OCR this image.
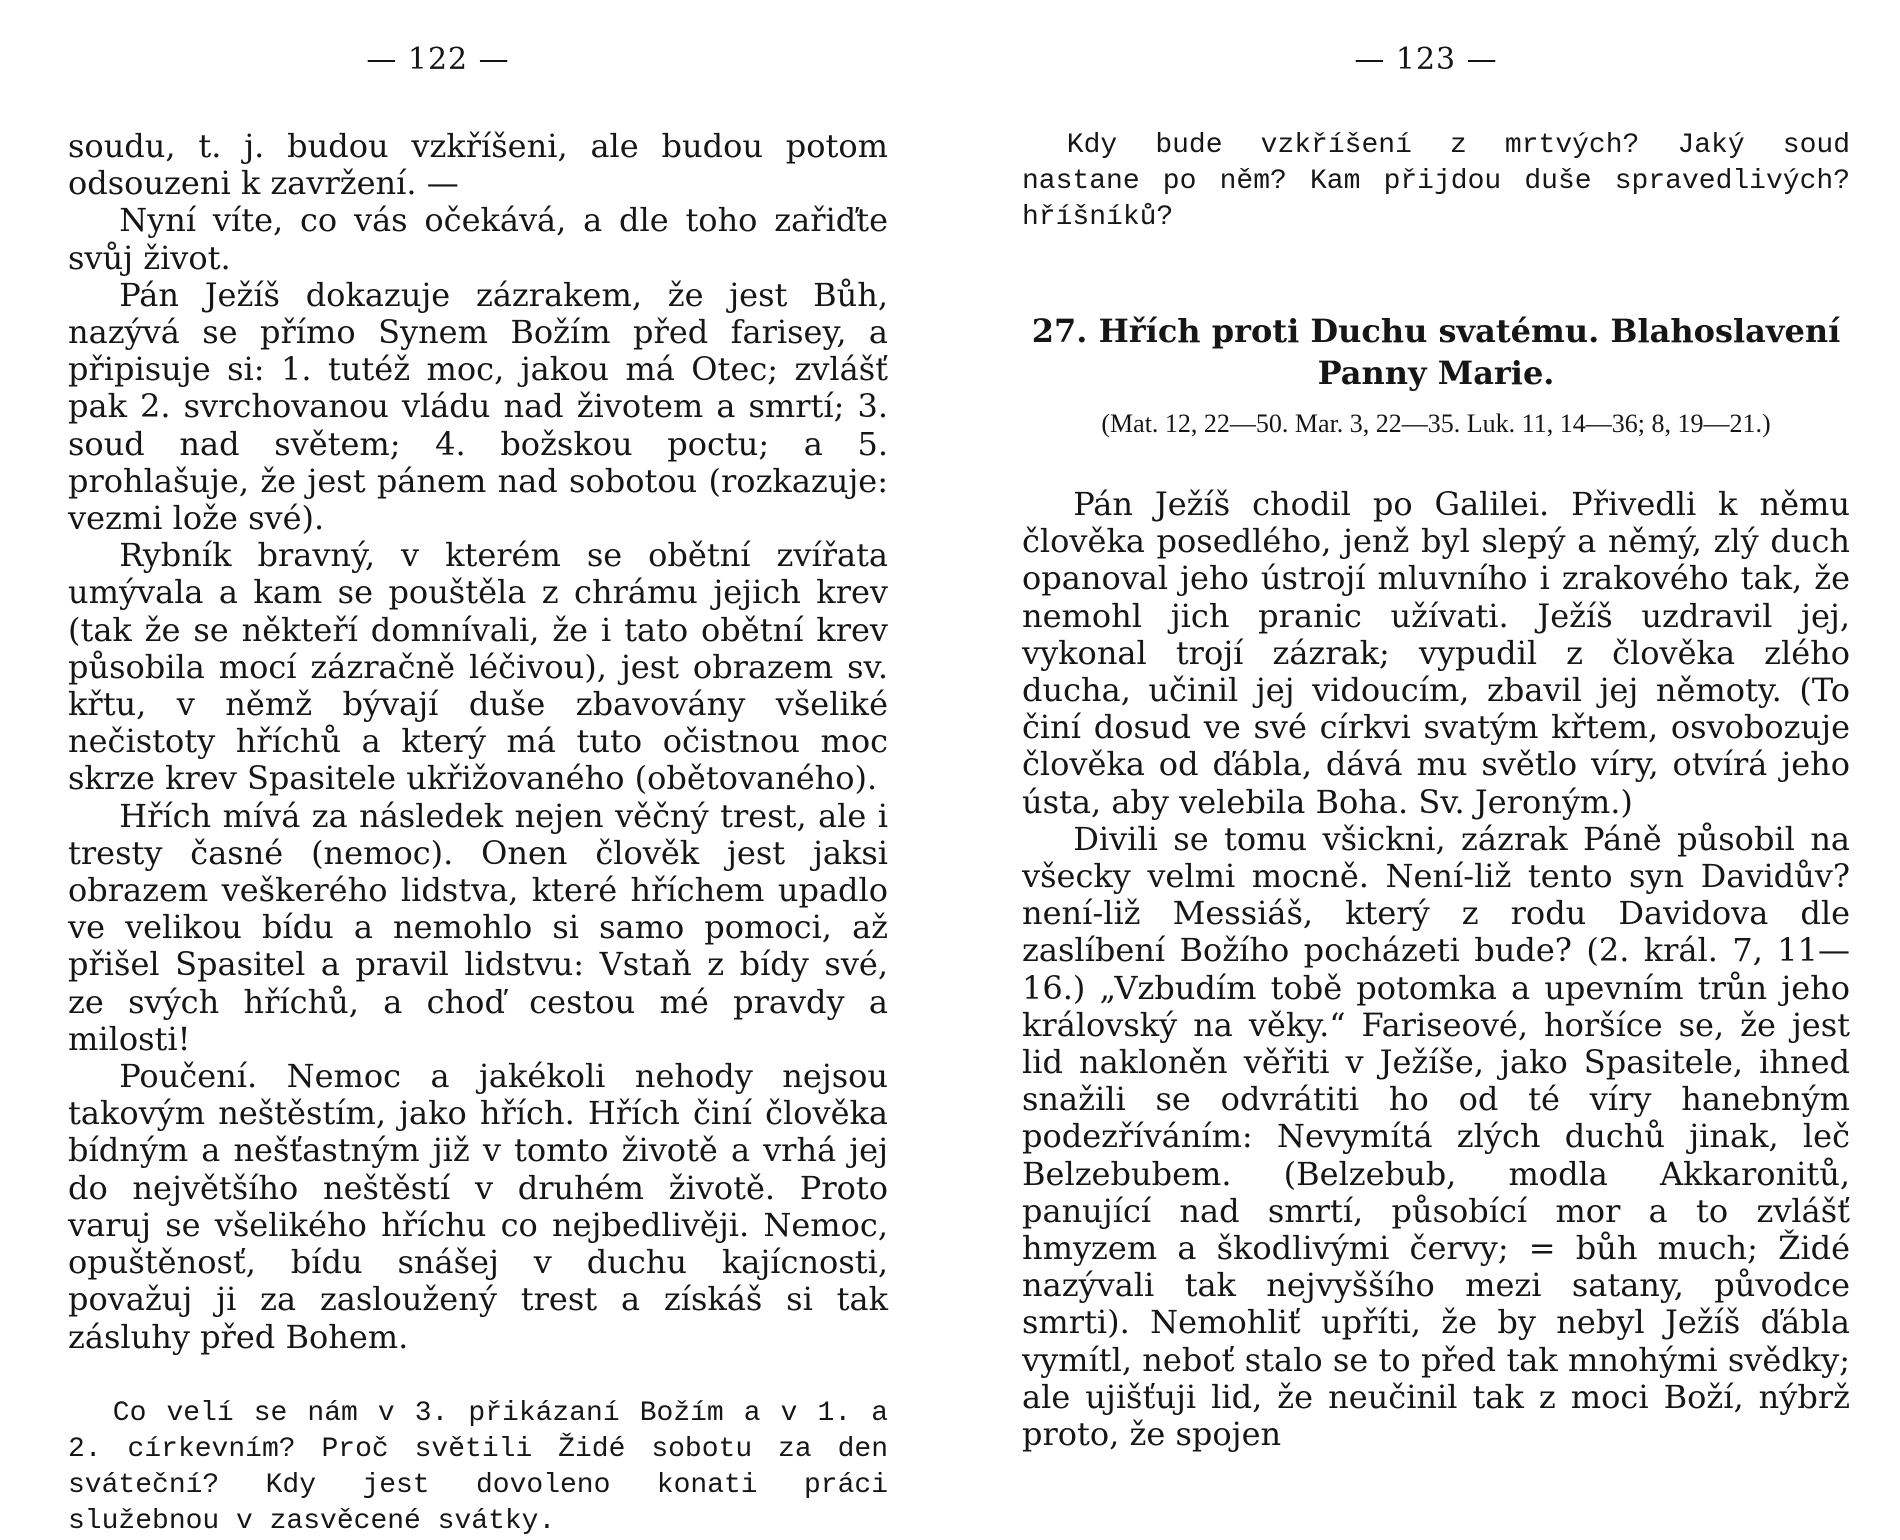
— 122 —

soudu, t. j. budou vzkříšeni, ale budou potom odsouzeni k zavržení. —

Nyní víte, co vás očekává, a dle toho zařiďte svůj život.

Pán Ježíš dokazuje zázrakem, že jest Bůh, nazývá se přímo Synem Božím před farisey, a připisuje si: 1. tutéž moc, jakou má Otec; zvlášť pak 2. svrchovanou vládu nad životem a smrtí; 3. soud nad světem; 4. božskou poctu; a 5. prohlašuje, že jest pánem nad sobotou (rozkazuje: vezmi lože své).

Rybník bravný, v kterém se obětní zvířata umývala a kam se pouštěla z chrámu jejich krev (tak že se někteří domnívali, že i tato obětní krev působila mocí zázračně léčivou), jest obrazem sv. křtu, v němž bývají duše zbavovány všeliké nečistoty hříchů a který má tuto očistnou moc skrze krev Spasitele ukřižovaného (obětovaného).

Hřích mívá za následek nejen věčný trest, ale i tresty časné (nemoc). Onen člověk jest jaksi obrazem veškerého lidstva, které hříchem upadlo ve velikou bídu a nemohlo si samo pomoci, až přišel Spasitel a pravil lidstvu: Vstaň z bídy své, ze svých hříchů, a choď cestou mé pravdy a milosti!

Poučení. Nemoc a jakékoli nehody nejsou takovým neštěstím, jako hřích. Hřích činí člověka bídným a nešťastným již v tomto životě a vrhá jej do největšího neštěstí v druhém životě. Proto varuj se všelikého hříchu co nejbedlivěji. Nemoc, opuštěnosť, bídu snášej v duchu kajícnosti, považuj ji za zasloužený trest a získáš si tak zásluhy před Bohem.

Co velí se nám v 3. přikázaní Božím a v 1. a 2. církevním? Proč světili Židé sobotu za den sváteční? Kdy jest dovoleno konati práci služebnou v zasvěcené svátky.

— 123 —

Kdy bude vzkříšení z mrtvých? Jaký soud nastane po něm? Kam přijdou duše spravedlivých? hříšníků?

27. Hřích proti Duchu svatému. Blahoslavení Panny Marie.
(Mat. 12, 22—50. Mar. 3, 22—35. Luk. 11, 14—36; 8, 19—21.)

Pán Ježíš chodil po Galilei. Přivedli k němu člověka posedlého, jenž byl slepý a němý, zlý duch opanoval jeho ústrojí mluvního i zrakového tak, že nemohl jich pranic užívati. Ježíš uzdravil jej, vykonal trojí zázrak; vypudil z člověka zlého ducha, učinil jej vidoucím, zbavil jej němoty. (To činí dosud ve své církvi svatým křtem, osvobozuje člověka od ďábla, dává mu světlo víry, otvírá jeho ústa, aby velebila Boha. Sv. Jeroným.)

Divili se tomu všickni, zázrak Páně působil na všecky velmi mocně. Není-liž tento syn Davidův? není-liž Messiáš, který z rodu Davidova dle zaslíbení Božího pocházeti bude? (2. král. 7, 11—16.) „Vzbudím tobě potomka a upevním trůn jeho královský na věky.“ Fariseové, horšíce se, že jest lid nakloněn věřiti v Ježíše, jako Spasitele, ihned snažili se odvrátiti ho od té víry hanebným podezříváním: Nevymítá zlých duchů jinak, leč Belzebubem. (Belzebub, modla Akkaronitů, panující nad smrtí, působící mor a to zvlášť hmyzem a škodlivými červy; = bůh much; Židé nazývali tak nejvyššího mezi satany, původce smrti). Nemohliť upříti, že by nebyl Ježíš ďábla vymítl, neboť stalo se to před tak mnohými svědky; ale ujišťuji lid, že neučinil tak z moci Boží, nýbrž proto, že spojen
